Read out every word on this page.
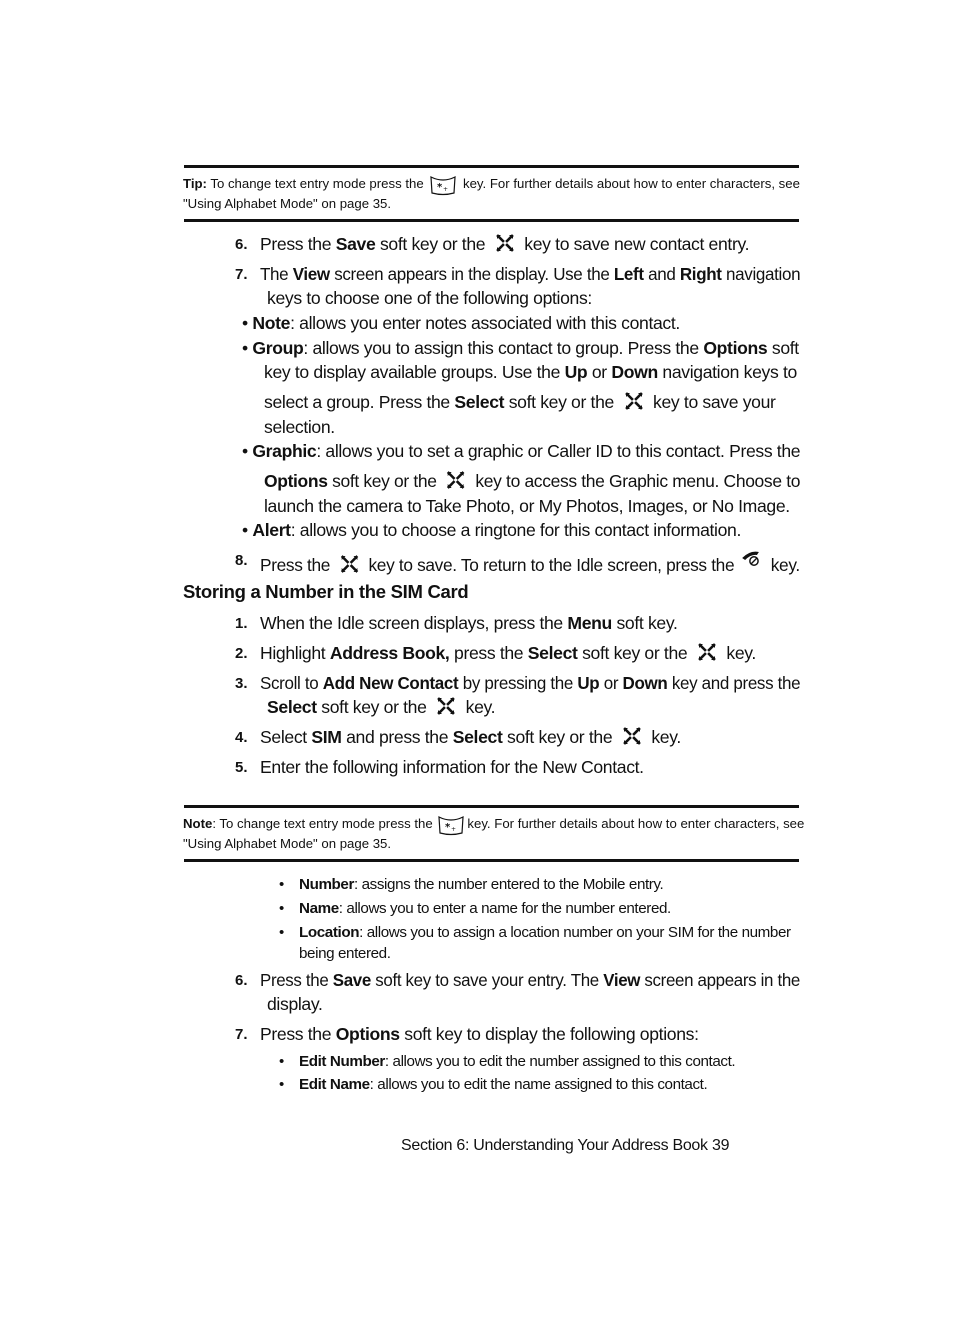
Tip: To change text entry mode press the  key. For further details about how to enter characters, see
"Using Alphabet Mode" on page 35.
6. Press the Save soft key or the  key to save new contact entry.
7. The View screen appears in the display. Use the Left and Right navigation
keys to choose one of the following options:
• Note: allows you enter notes associated with this contact.
• Group: allows you to assign this contact to group. Press the Options soft
key to display available groups. Use the Up or Down navigation keys to
select a group. Press the Select soft key or the  key to save your
selection.
• Graphic: allows you to set a graphic or Caller ID to this contact. Press the
Options soft key or the  key to access the Graphic menu. Choose to
launch the camera to Take Photo, or My Photos, Images, or No Image.
• Alert: allows you to choose a ringtone for this contact information.
8. Press the  key to save. To return to the Idle screen, press the  key.
Storing a Number in the SIM Card
1. When the Idle screen displays, press the Menu soft key.
2. Highlight Address Book, press the Select soft key or the  key.
3. Scroll to Add New Contact by pressing the Up or Down key and press the
Select soft key or the  key.
4. Select SIM and press the Select soft key or the  key.
5. Enter the following information for the New Contact.
Note: To change text entry mode press the key. For further details about how to enter characters, see
"Using Alphabet Mode" on page 35.
• Number: assigns the number entered to the Mobile entry.
• Name: allows you to enter a name for the number entered.
• Location: allows you to assign a location number on your SIM for the number
being entered.
6. Press the Save soft key to save your entry. The View screen appears in the
display.
7. Press the Options soft key to display the following options:
• Edit Number: allows you to edit the number assigned to this contact.
• Edit Name: allows you to edit the name assigned to this contact.
Section 6: Understanding Your Address Book 39
